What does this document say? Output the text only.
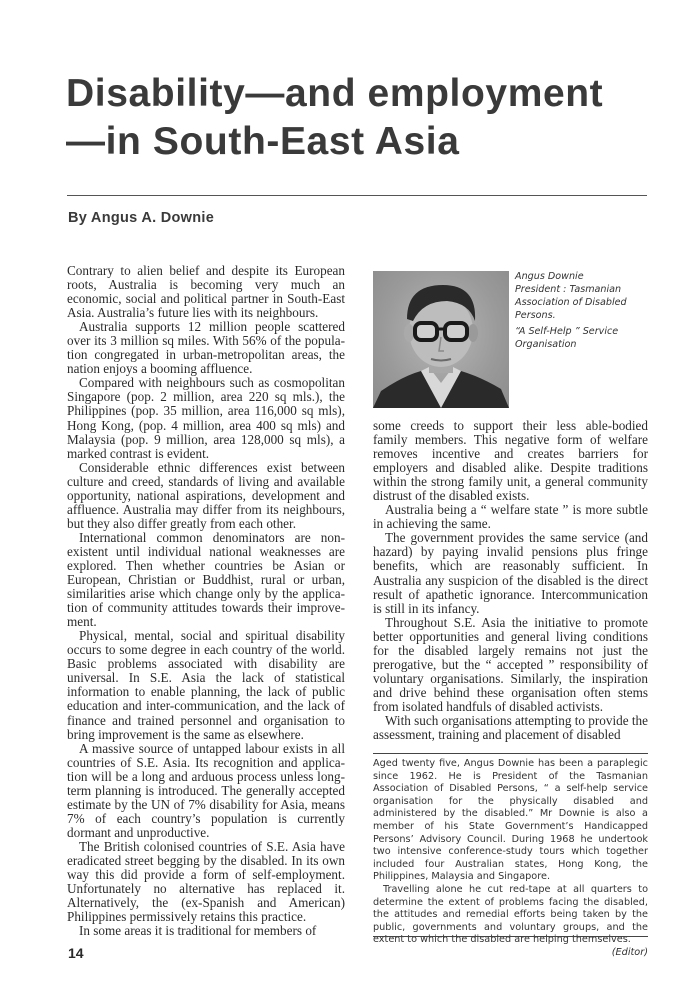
Disability—and employment
—in South-East Asia
By Angus A. Downie

Contrary to alien belief and despite its European roots, Australia is becoming very much an economic, social and political partner in South-East Asia. Australia’s future lies with its neighbours.

Australia supports 12 million people scattered over its 3 million sq miles. With 56% of the population congregated in urban-metropolitan areas, the nation enjoys a booming affluence.

Compared with neighbours such as cosmopolitan Singapore (pop. 2 million, area 220 sq mls.), the Philippines (pop. 35 million, area 116,000 sq mls), Hong Kong, (pop. 4 million, area 400 sq mls) and Malaysia (pop. 9 million, area 128,000 sq mls), a marked contrast is evident.

Considerable ethnic differences exist between culture and creed, standards of living and available opportunity, national aspirations, development and affluence. Australia may differ from its neighbours, but they also differ greatly from each other.

International common denominators are non-existent until individual national weaknesses are explored. Then whether countries be Asian or European, Christian or Buddhist, rural or urban, similarities arise which change only by the application of community attitudes towards their improvement.

Physical, mental, social and spiritual disability occurs to some degree in each country of the world. Basic problems associated with disability are universal. In S.E. Asia the lack of statistical information to enable planning, the lack of public education and inter-communication, and the lack of finance and trained personnel and organisation to bring improvement is the same as elsewhere.

A massive source of untapped labour exists in all countries of S.E. Asia. Its recognition and application will be a long and arduous process unless long-term planning is introduced. The generally accepted estimate by the UN of 7% disability for Asia, means 7% of each country’s population is currently dormant and unproductive.

The British colonised countries of S.E. Asia have eradicated street begging by the disabled. In its own way this did provide a form of self-employment. Unfortunately no alternative has replaced it. Alternatively, the (ex-Spanish and American) Philippines permissively retains this practice.

In some areas it is traditional for members of

Angus Downie
President : Tasmanian
Association of Disabled
Persons.
“A Self-Help ” Service
Organisation

some creeds to support their less able-bodied family members. This negative form of welfare removes incentive and creates barriers for employers and disabled alike. Despite traditions within the strong family unit, a general community distrust of the disabled exists.

Australia being a “ welfare state ” is more subtle in achieving the same.

The government provides the same service (and hazard) by paying invalid pensions plus fringe benefits, which are reasonably sufficient. In Australia any suspicion of the disabled is the direct result of apathetic ignorance. Intercommunication is still in its infancy.

Throughout S.E. Asia the initiative to promote better opportunities and general living conditions for the disabled largely remains not just the prerogative, but the “ accepted ” responsibility of voluntary organisations. Similarly, the inspiration and drive behind these organisation often stems from isolated handfuls of disabled activists.

With such organisations attempting to provide the assessment, training and placement of disabled

Aged twenty five, Angus Downie has been a paraplegic since 1962. He is President of the Tasmanian Association of Disabled Persons, “ a self-help service organisation for the physically disabled and administered by the disabled.” Mr Downie is also a member of his State Government’s Handicapped Persons’ Advisory Council. During 1968 he undertook two intensive conference-study tours which together included four Australian states, Hong Kong, the Philippines, Malaysia and Singapore.

Travelling alone he cut red-tape at all quarters to determine the extent of problems facing the disabled, the attitudes and remedial efforts being taken by the public, governments and voluntary groups, and the extent to which the disabled are helping themselves.
(Editor)

14
